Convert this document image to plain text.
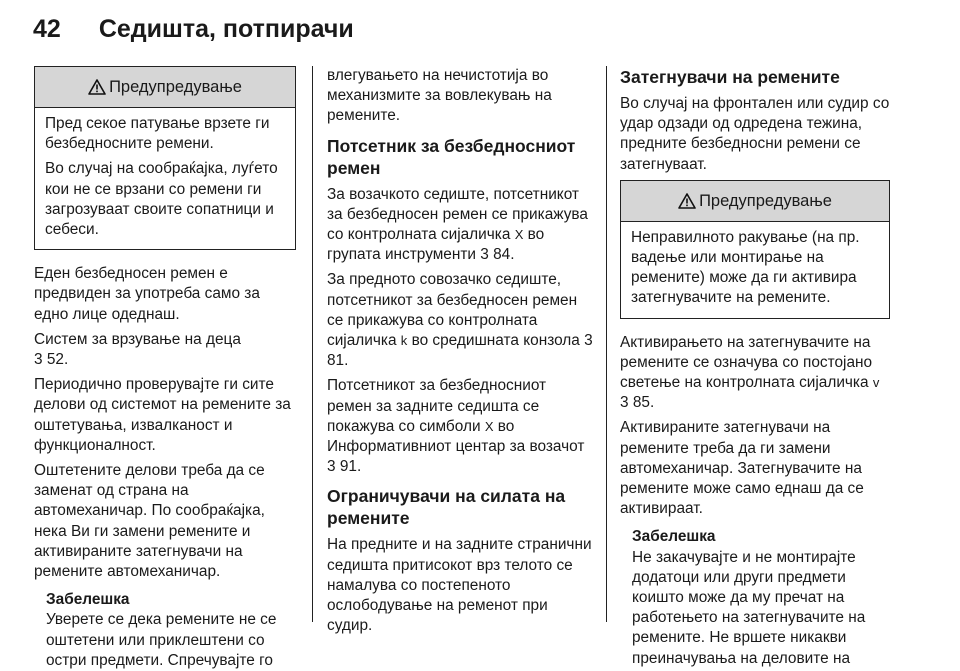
42 Седишта, потпирачи
Предупредување

Пред секое патување врзете ги безбедносните ремени.

Во случај на сообраќајка, луѓето кои не се врзани со ремени ги загрозуваат своите сопатници и себеси.

Еден безбедносен ремен е предвиден за употреба само за едно лице одеднаш.

Систем за врзување на деца
3 52.

Периодично проверувајте ги сите делови од системот на ремените за оштетувања, извалканост и функционалност.

Оштетените делови треба да се заменат од страна на автомеханичар. По сообраќајка, нека Ви ги замени ремените и активираните затегнувачи на ремените автомеханичар.

Забелешка
Уверете се дека ремените не се оштетени или приклештени со остри предмети. Спречувајте го

влегувањето на нечистотија во механизмите за вовлекувањ на ремените.

Потсетник за безбедносниот ремен

За возачкото седиште, потсетникот за безбедносен ремен се прикажува со контролната сијаличка X во групата инструменти 3 84.

За предното совозачко седиште, потсетникот за безбедносен ремен се прикажува со контролната сијаличка k во средишната конзола 3 81.

Потсетникот за безбедносниот ремен за задните седишта се покажува со симболи X во Информативниот центар за возачот 3 91.

Ограничувачи на силата на ремените

На предните и на задните странични седишта притисокот врз телото се намалува со постепеното ослободување на ременот при судир.

Затегнувачи на ремените

Во случај на фронтален или судир со удар одзади од одредена тежина, предните безбедносни ремени се затегнуваат.

Предупредување

Неправилното ракување (на пр. вадење или монтирање на ремените) може да ги активира затегнувачите на ремените.

Активирањето на затегнувачите на ремените се означува со постојано светење на контролната сијаличка v 3 85.

Активираните затегнувачи на ремените треба да ги замени автомеханичар. Затегнувачите на ремените може само еднаш да се активираат.

Забелешка
Не закачувајте и не монтирајте додатоци или други предмети коишто може да му пречат на работењето на затегнувачите на ремените. Не вршете никакви преиначувања на деловите на
